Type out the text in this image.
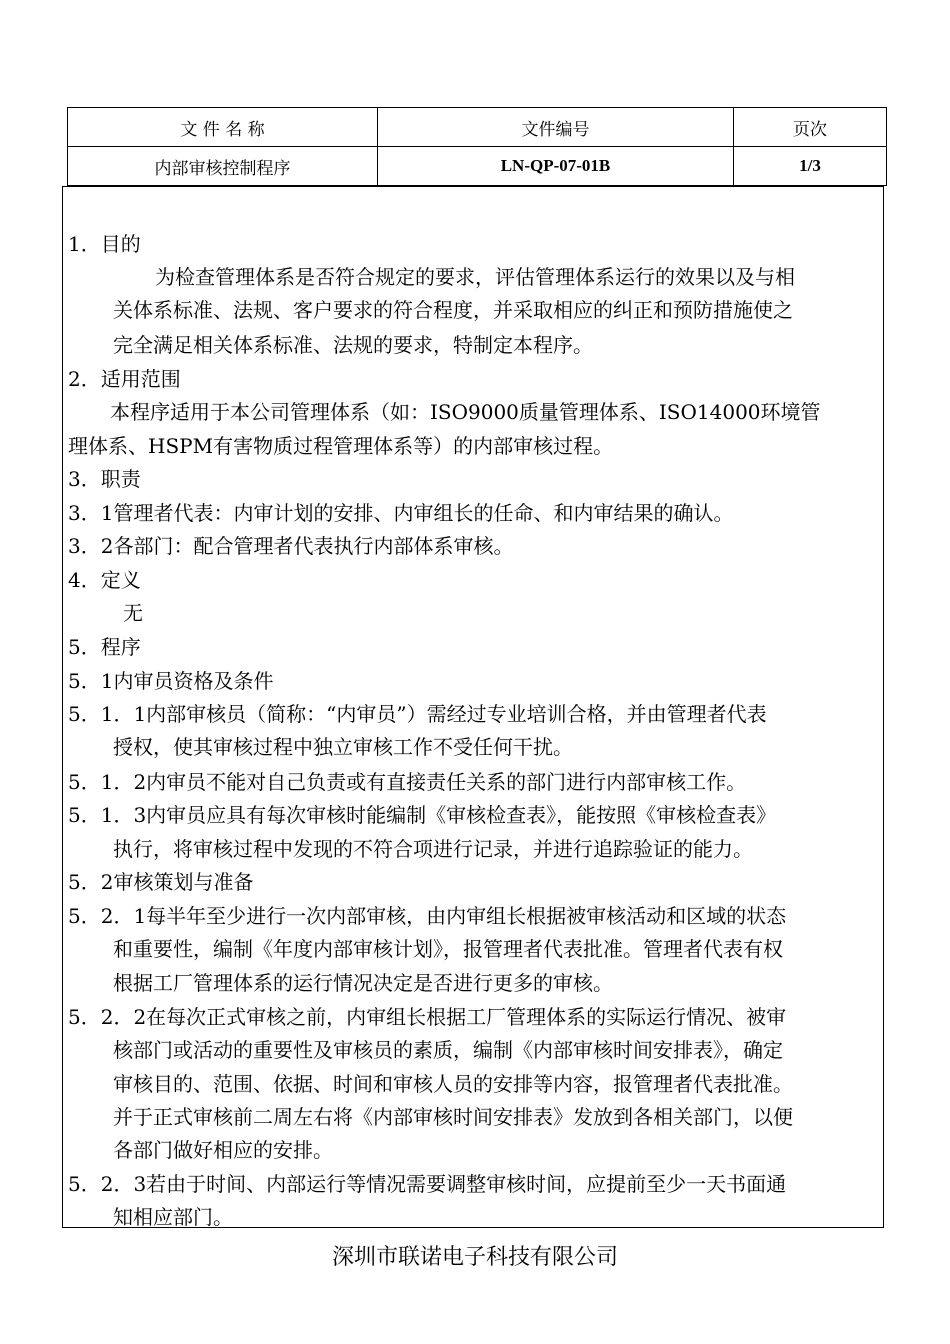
文 件 名 称	文件编号	页次
内部审核控制程序	LN-QP-07-01B	1/3
1．目的
为检查管理体系是否符合规定的要求，评估管理体系运行的效果以及与相
关体系标准、法规、客户要求的符合程度，并采取相应的纠正和预防措施使之
完全满足相关体系标准、法规的要求，特制定本程序。
2．适用范围
本程序适用于本公司管理体系（如：ISO9000质量管理体系、ISO14000环境管
理体系、HSPM有害物质过程管理体系等）的内部审核过程。
3．职责
3．1管理者代表：内审计划的安排、内审组长的任命、和内审结果的确认。
3．2各部门：配合管理者代表执行内部体系审核。
4．定义
无
5．程序
5．1内审员资格及条件
5．1．1内部审核员（简称：“内审员”）需经过专业培训合格，并由管理者代表
授权，使其审核过程中独立审核工作不受任何干扰。
5．1．2内审员不能对自己负责或有直接责任关系的部门进行内部审核工作。
5．1．3内审员应具有每次审核时能编制《审核检查表》，能按照《审核检查表》
执行，将审核过程中发现的不符合项进行记录，并进行追踪验证的能力。
5．2审核策划与准备
5．2．1每半年至少进行一次内部审核，由内审组长根据被审核活动和区域的状态
和重要性，编制《年度内部审核计划》，报管理者代表批准。管理者代表有权
根据工厂管理体系的运行情况决定是否进行更多的审核。
5．2．2在每次正式审核之前，内审组长根据工厂管理体系的实际运行情况、被审
核部门或活动的重要性及审核员的素质，编制《内部审核时间安排表》，确定
审核目的、范围、依据、时间和审核人员的安排等内容，报管理者代表批准。
并于正式审核前二周左右将《内部审核时间安排表》发放到各相关部门，以便
各部门做好相应的安排。
5．2．3若由于时间、内部运行等情况需要调整审核时间，应提前至少一天书面通
知相应部门。
深圳市联诺电子科技有限公司
